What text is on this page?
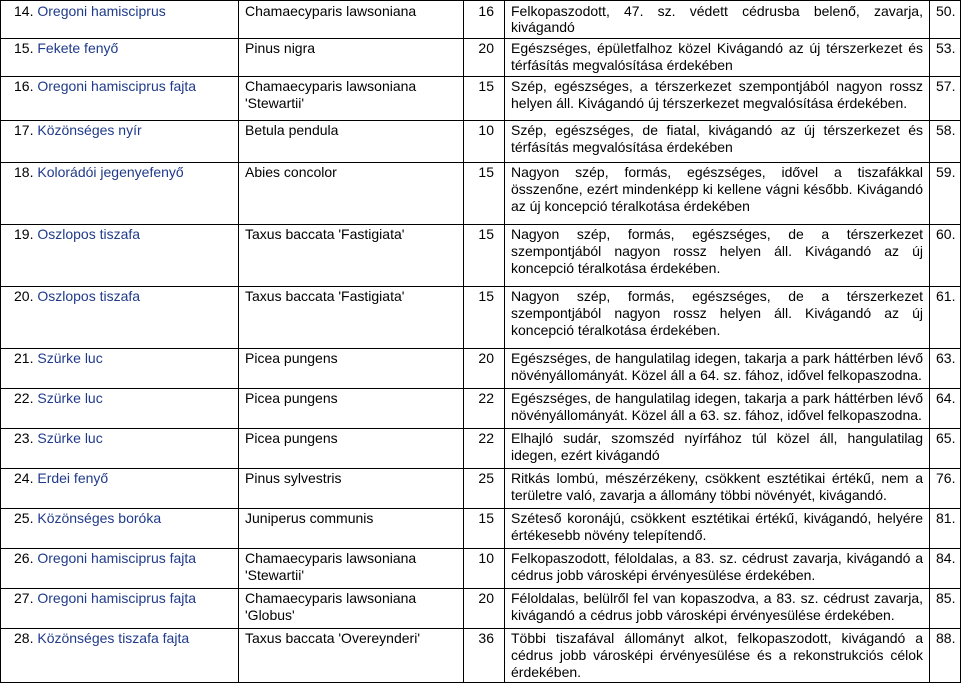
14. Oregoni hamisciprus	Chamaecyparis lawsoniana	16	Felkopaszodott, 47. sz. védett cédrusba belenő, zavarja, kivágandó	50.
15. Fekete fenyő	Pinus nigra	20	Egészséges, épületfalhoz közel Kivágandó az új térszerkezet és térfásítás megvalósítása érdekében	53.
16. Oregoni hamisciprus fajta	Chamaecyparis lawsoniana 'Stewartii'	15	Szép, egészséges, a térszerkezet szempontjából nagyon rossz helyen áll. Kivágandó új térszerkezet megvalósítása érdekében.	57.
17. Közönséges nyír	Betula pendula	10	Szép, egészséges, de fiatal, kivágandó az új térszerkezet és térfásítás megvalósítása érdekében	58.
18. Kolorádói jegenyefenyő	Abies concolor	15	Nagyon szép, formás, egészséges, idővel a tiszafákkal összenőne, ezért mindenképp ki kellene vágni később. Kivágandó az új koncepció téralkotása érdekében	59.
19. Oszlopos tiszafa	Taxus baccata 'Fastigiata'	15	Nagyon szép, formás, egészséges, de a térszerkezet szempontjából nagyon rossz helyen áll. Kivágandó az új koncepció téralkotása érdekében.	60.
20. Oszlopos tiszafa	Taxus baccata 'Fastigiata'	15	Nagyon szép, formás, egészséges, de a térszerkezet szempontjából nagyon rossz helyen áll. Kivágandó az új koncepció téralkotása érdekében.	61.
21. Szürke luc	Picea pungens	20	Egészséges, de hangulatilag idegen, takarja a park háttérben lévő növényállományát. Közel áll a 64. sz. fához, idővel felkopaszodna.	63.
22. Szürke luc	Picea pungens	22	Egészséges, de hangulatilag idegen, takarja a park háttérben lévő növényállományát. Közel áll a 63. sz. fához, idővel felkopaszodna.	64.
23. Szürke luc	Picea pungens	22	Elhajló sudár, szomszéd nyírfához túl közel áll, hangulatilag idegen, ezért kivágandó	65.
24. Erdei fenyő	Pinus sylvestris	25	Ritkás lombú, mészérzékeny, csökkent esztétikai értékű, nem a területre való, zavarja a állomány többi növényét, kivágandó.	76.
25. Közönséges boróka	Juniperus communis	15	Széteső koronájú, csökkent esztétikai értékű, kivágandó, helyére értékesebb növény telepítendő.	81.
26. Oregoni hamisciprus fajta	Chamaecyparis lawsoniana 'Stewartii'	10	Felkopaszodott, féloldalas, a 83. sz. cédrust zavarja, kivágandó a cédrus jobb városképi érvényesülése érdekében.	84.
27. Oregoni hamisciprus fajta	Chamaecyparis lawsoniana 'Globus'	20	Féloldalas, belülről fel van kopaszodva, a 83. sz. cédrust zavarja, kivágandó a cédrus jobb városképi érvényesülése érdekében.	85.
28. Közönséges tiszafa fajta	Taxus baccata 'Overeynderi'	36	Többi tiszafával állományt alkot, felkopaszodott, kivágandó a cédrus jobb városképi érvényesülése és a rekonstrukciós célok érdekében.	88.
